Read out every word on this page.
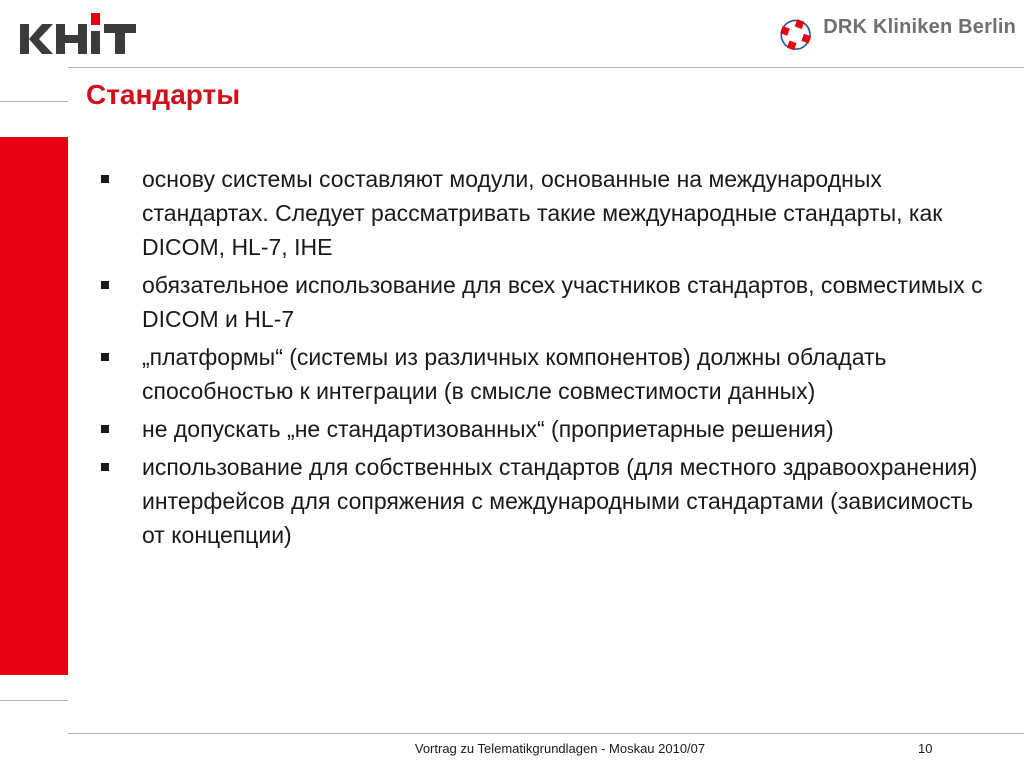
DRK Kliniken Berlin
Стандарты
основу системы составляют модули, основанные на международных стандартах. Следует рассматривать такие международные стандарты, как DICOM, HL-7, IHE
обязательное использование для всех участников стандартов, совместимых с DICOM и HL-7
„платформы“ (системы из различных компонентов) должны обладать способностью к интеграции (в смысле совместимости данных)
не допускать „не стандартизованных“ (проприетарные решения)
использование для собственных стандартов (для местного здравоохранения) интерфейсов для сопряжения с международными стандартами (зависимость от концепции)
Vortrag zu Telematikgrundlagen - Moskau 2010/07	10
